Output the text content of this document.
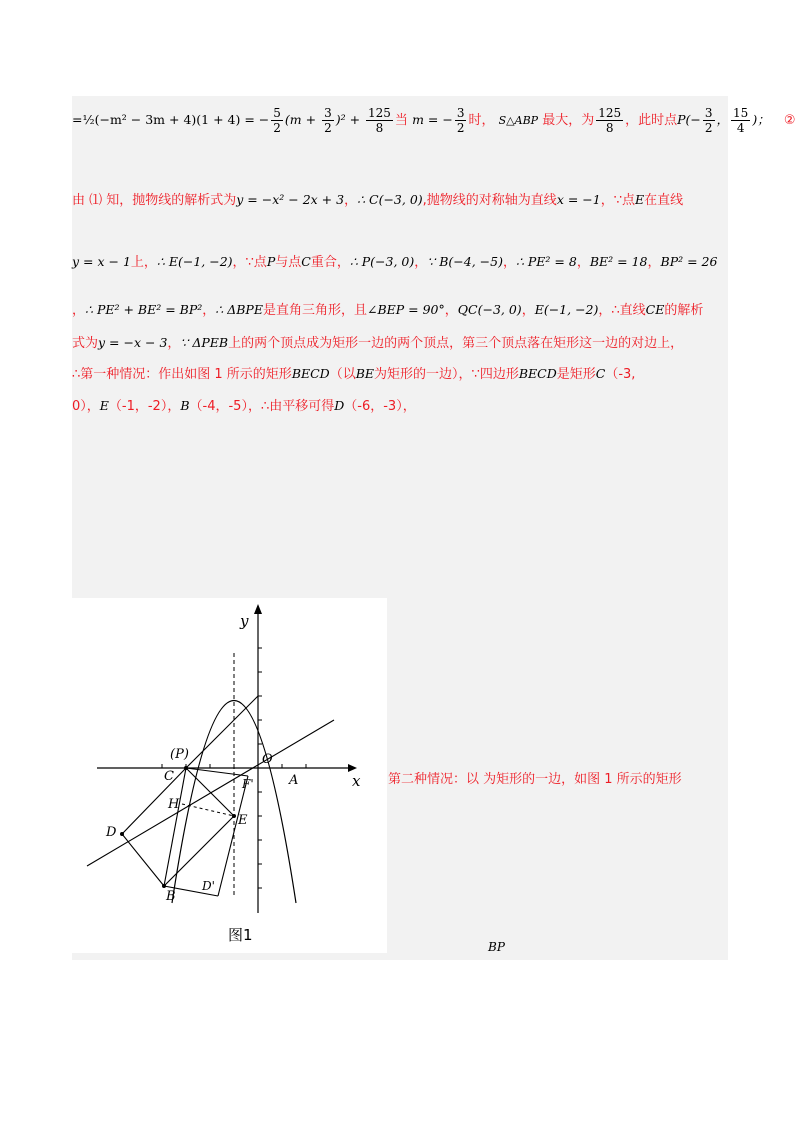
=½(−m² − 3m + 4)(1 + 4) = − $\frac{5}{2} (m + \frac{3}{2} )^2 + \frac{125}{8}$ 当 m = − $\frac{3}{2}$ 时， S△ABP 最大，为 $\frac{125}{8}$ ，此时点$P(- \frac{3}{2}$ ， $\frac{15}{4}$ )； ②
由 ⑴ 知，抛物线的解析式为y = −x² − 2x + 3，∴ C(−3, 0),抛物线的对称轴为直线x = −1，∵点E在直线
y = x − 1上，∴ E(−1, −2)，∵点P与点C重合，∴ P(−3, 0)，∵ B(−4, −5)，∴ PE² = 8，BE² = 18，BP² = 26
，∴ PE² + BE² = BP²，∴ ΔBPE是直角三角形，且∠BEP = 90°，QC(−3, 0)，E(−1, −2)，∴直线CE的解析
式为y = −x − 3，∵ ΔPEB上的两个顶点成为矩形一边的两个顶点，第三个顶点落在矩形这一边的对边上，
∴第一种情况：作出如图 1 所示的矩形BECD（以BE为矩形的一边），∵四边形BECD是矩形C（-3,
0），E（-1，-2），B（-4，-5），∴由平移可得D（-6，-3），
y
x
O
A
C
(P)
F'
H
E
D
B
D'
图1
第二种情况：以 为矩形的一边，如图 1 所示的矩形
BP
